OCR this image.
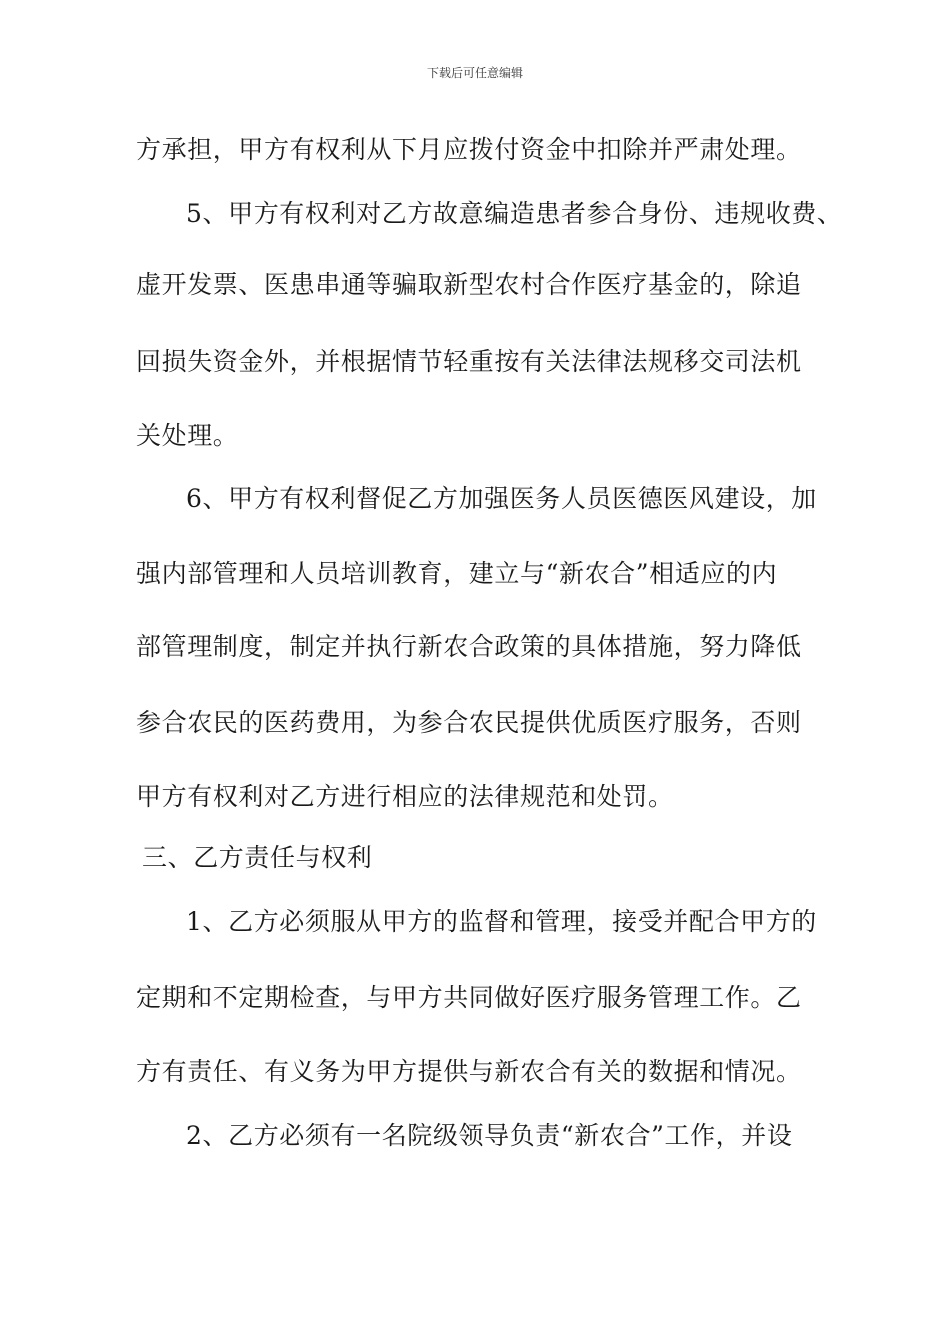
下载后可任意编辑
方承担，甲方有权利从下月应拨付资金中扣除并严肃处理。
5、甲方有权利对乙方故意编造患者参合身份、违规收费、
虚开发票、医患串通等骗取新型农村合作医疗基金的，除追
回损失资金外，并根据情节轻重按有关法律法规移交司法机
关处理。
6、甲方有权利督促乙方加强医务人员医德医风建设，加
强内部管理和人员培训教育，建立与“新农合”相适应的内
部管理制度，制定并执行新农合政策的具体措施，努力降低
参合农民的医药费用，为参合农民提供优质医疗服务，否则
甲方有权利对乙方进行相应的法律规范和处罚。
三、乙方责任与权利
1、乙方必须服从甲方的监督和管理，接受并配合甲方的
定期和不定期检查，与甲方共同做好医疗服务管理工作。乙
方有责任、有义务为甲方提供与新农合有关的数据和情况。
2、乙方必须有一名院级领导负责“新农合”工作，并设
